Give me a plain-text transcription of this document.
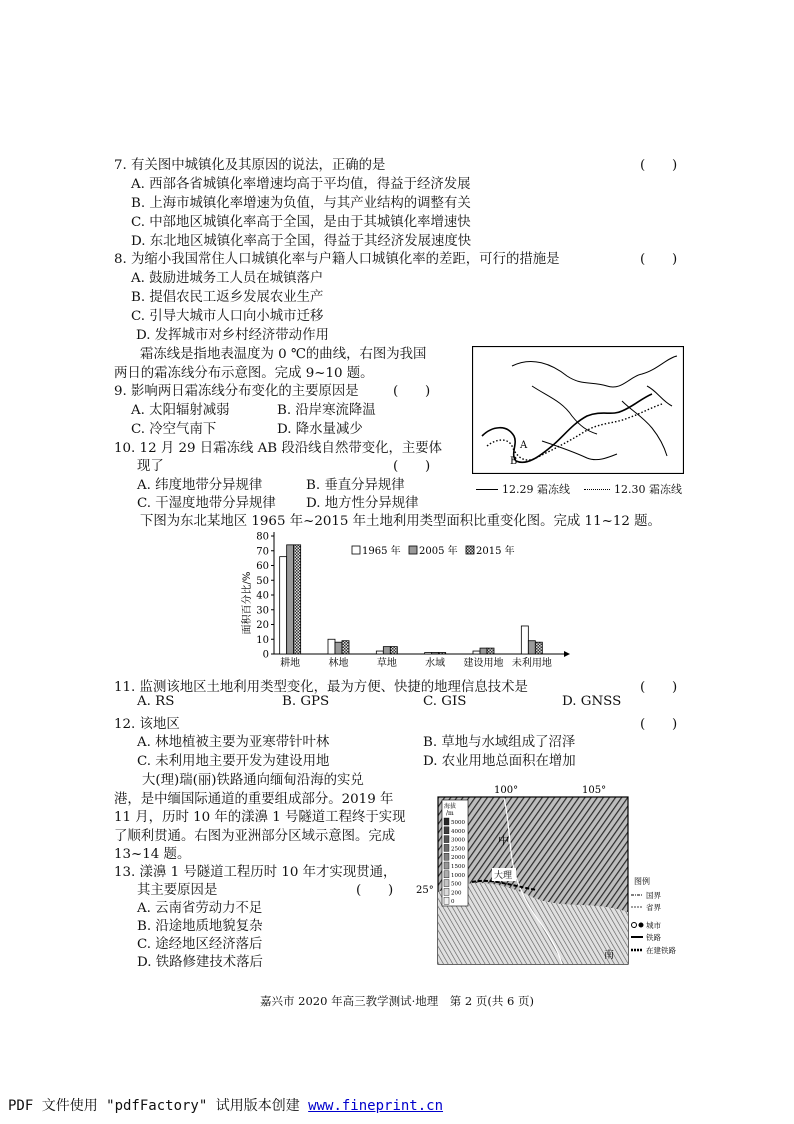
7. 有关图中城镇化及其原因的说法，正确的是	(　　)
A. 西部各省城镇化率增速均高于平均值，得益于经济发展
B. 上海市城镇化率增速为负值，与其产业结构的调整有关
C. 中部地区城镇化率高于全国，是由于其城镇化率增速快
D. 东北地区城镇化率高于全国，得益于其经济发展速度快
8. 为缩小我国常住人口城镇化率与户籍人口城镇化率的差距，可行的措施是	(　　)
A. 鼓励进城务工人员在城镇落户
B. 提倡农民工返乡发展农业生产
C. 引导大城市人口向小城市迁移
D. 发挥城市对乡村经济带动作用
霜冻线是指地表温度为 0 ℃的曲线，右图为我国
两日的霜冻线分布示意图。完成 9~10 题。
9. 影响两日霜冻线分布变化的主要原因是	(　　)
A. 太阳辐射减弱	B. 沿岸寒流降温
C. 冷空气南下	D. 降水量减少
10. 12 月 29 日霜冻线 AB 段沿线自然带变化，主要体
现了	(　　)
A. 纬度地带分异规律	B. 垂直分异规律
C. 干湿度地带分异规律 D. 地方性分异规律
A
B
12.29 霜冻线	12.30 霜冻线
下图为东北某地区 1965 年~2015 年土地利用类型面积比重变化图。完成 11~12 题。
面积百分比/%
0
10
20
30
40
50
60
70
80
耕地	林地	草地	水域 建设用地 未利用地
1965 年 2005 年 2015 年
11. 监测该地区土地利用类型变化，最为方便、快捷的地理信息技术是	(　　)
A. RS	B. GPS	C. GIS	D. GNSS
12. 该地区	(　　)
A. 林地植被主要为亚寒带针叶林	B. 草地与水域组成了沼泽
C. 未利用地主要开发为建设用地	D. 农业用地总面积在增加
大(理)瑞(丽)铁路通向缅甸沿海的实兑
港，是中缅国际通道的重要组成部分。2019 年
11 月，历时 10 年的漾濞 1 号隧道工程终于实现
了顺利贯通。右图为亚洲部分区域示意图。完成
13~14 题。
13. 漾濞 1 号隧道工程历时 10 年才实现贯通，
其主要原因是	(　　)
A. 云南省劳动力不足
B. 沿途地质地貌复杂
C. 途经地区经济落后
D. 铁路修建技术落后
100°	105°
25°
海拔
/m
5000
4000
3000
2500
2000
1500
1000
500
200
0
中
大理
南
图例
国界
省界
城市
铁路
在建铁路
嘉兴市 2020 年高三教学测试·地理　第 2 页(共 6 页)
PDF 文件使用 "pdfFactory" 试用版本创建 www.fineprint.cn
